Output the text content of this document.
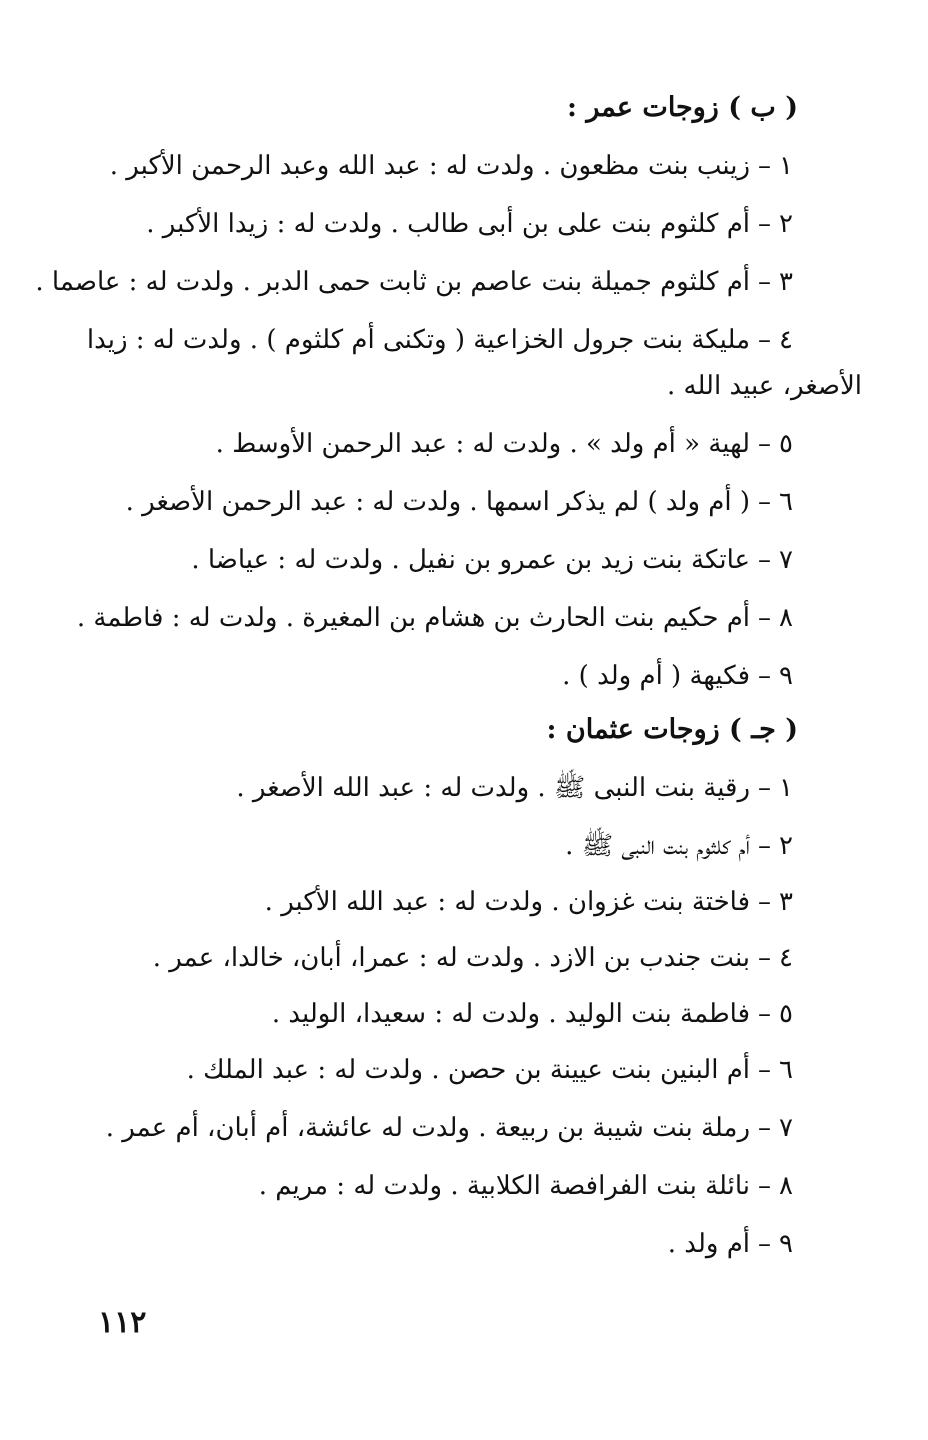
( ب ) زوجات عمر :
١–زينب بنت مظعون . ولدت له : عبد الله وعبد الرحمن الأكبر .
٢–أم كلثوم بنت على بن أبى طالب . ولدت له : زيدا الأكبر .
٣–أم كلثوم جميلة بنت عاصم بن ثابت حمى الدبر . ولدت له : عاصما .
٤–مليكة بنت جرول الخزاعية ( وتكنى أم كلثوم ) . ولدت له : زيدا
الأصغر، عبيد الله .
٥–لهية « أم ولد » . ولدت له : عبد الرحمن الأوسط .
٦–( أم ولد ) لم يذكر اسمها . ولدت له : عبد الرحمن الأصغر .
٧–عاتكة بنت زيد بن عمرو بن نفيل . ولدت له : عياضا .
٨–أم حكيم بنت الحارث بن هشام بن المغيرة . ولدت له : فاطمة .
٩–فكيهة ( أم ولد ) .
( جـ ) زوجات عثمان :
١–رقية بنت النبى ﷺ . ولدت له : عبد الله الأصغر .
٢–أم كلثوم بنت النبى ﷺ .
٣–فاختة بنت غزوان . ولدت له : عبد الله الأكبر .
٤–بنت جندب بن الازد . ولدت له : عمرا، أبان، خالدا، عمر .
٥–فاطمة بنت الوليد . ولدت له : سعيدا، الوليد .
٦–أم البنين بنت عيينة بن حصن . ولدت له : عبد الملك .
٧–رملة بنت شيبة بن ربيعة . ولدت له عائشة، أم أبان، أم عمر .
٨–نائلة بنت الفرافصة الكلابية . ولدت له : مريم .
٩–أم ولد .
١١٢
